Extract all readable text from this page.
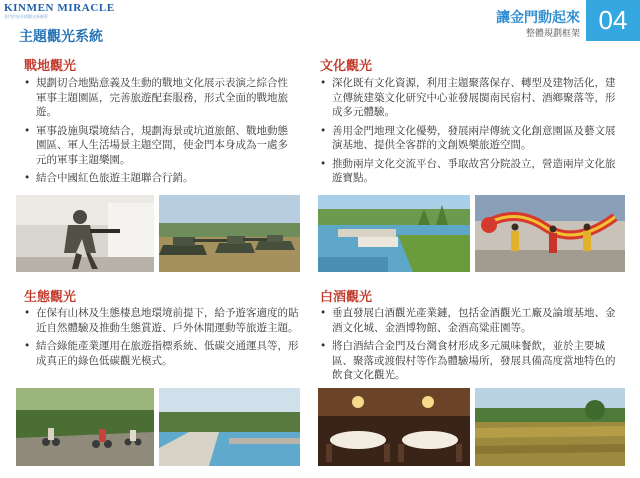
KINMEN MIRACLE
金門世紀奇蹟觀光新願景	讓金門動起來
整體規劃框架 04
主題觀光系統
戰地觀光
• 規劃切合地點意義及生動的戰地文化展示表演之綜合性軍事主題園區，完善旅遊配套服務，形式全面的戰地旅遊。
• 軍事設施與環境結合，規劃海景或坑道旅館、戰地動態園區、軍人生活場景主題空間，使金門本身成為一處多元的軍事主題樂園。
• 結合中國紅色旅遊主題聯合行銷。
文化觀光
• 深化既有文化資源，利用主題聚落保存、轉型及建物活化，建立傳統建築文化研究中心並發展閩南民宿村、酒鄉聚落等，形成多元體驗。
• 善用金門地理文化優勢，發展兩岸傳統文化創意園區及藝文展演基地、提供全客群的文創娛樂旅遊空間。
• 推動兩岸文化交流平台、爭取故宮分院設立，營造兩岸文化旅遊寶點。
生態觀光
• 在保有山林及生態棲息地環境前提下，給予遊客適度的貼近自然體驗及推動生態賞遊、戶外休閒運動等旅遊主題。
• 結合綠能產業運用在旅遊指標系統、低碳交通運具等，形成真正的綠色低碳觀光模式。
白酒觀光
• 垂直發展白酒觀光產業鏈，包括金酒觀光工廠及論壇基地、金酒文化城、金酒博物館、金酒高粱莊園等。
• 將白酒結合金門及台灣食材形成多元風味餐飲，並於主要城區、聚落或渡假村等作為體驗場所，發展具備高度當地特色的飲食文化觀光。
